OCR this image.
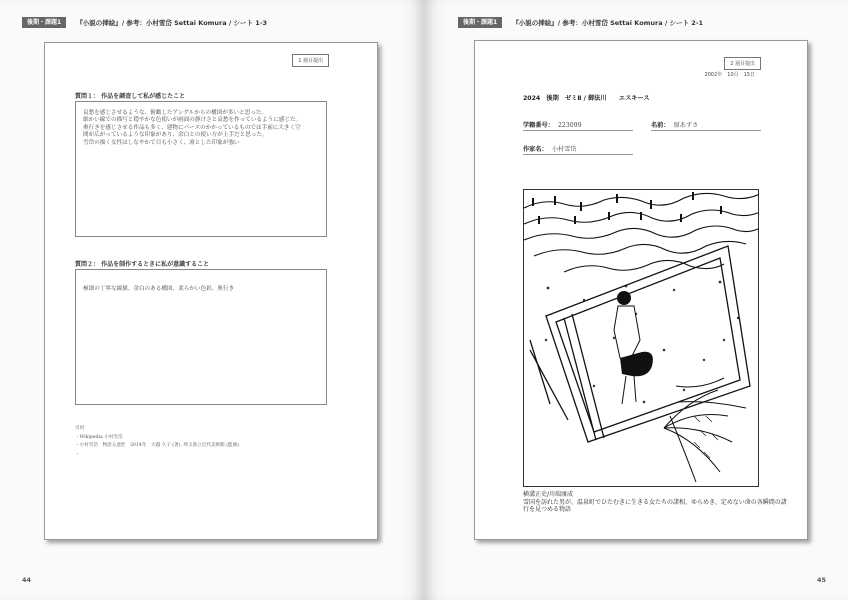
後期・課題1	『小説の挿絵』/ 参考：小村雪岱 Settai Komura / シート 1-3
1 週目提出
質問１： 作品を調査して私が感じたこと

哀愁を感じさせるような、俯瞰したアングルからの構図が多いと思った。

細かい線での描写と穏やかな色使いが画面の静けさと哀愁を作っているように感じた。

奥行きを感じさせる作品も多く、建物にパースのかかっているものでは手前に大きく空

間が広がっているような印象があり、余白との使い方が上手だと思った。

雪岱の描く女性はしなやかで目も小さく、凛とした印象が強い

質問２： 作品を制作するときに私が意識すること

極細の丁寧な線描、余白のある構図、柔らかい色彩、奥行き

引用
・Wikipedia 小村雪岱
・小村雪岱　物語る意匠　2014年　大越 久子 (著), 埼玉県立近代美術館 (監修)
・
44
後期・課題1	『小説の挿絵』/ 参考：小村雪岱 Settai Komura / シート 2-1
2 週目提出
2002年　10月　15日
2024　後期　ゼミⅡ / 御法川　　エスキース
学籍番号： 223099	名前： 原あずさ
作家名： 小村雪岱
横溝正史/川端康成
雪国を訪れた男が、温泉町でひたむきに生きる女たちの諸相、ゆらめき、定めない命の各瞬間の諸
行を見つめる物語
45
